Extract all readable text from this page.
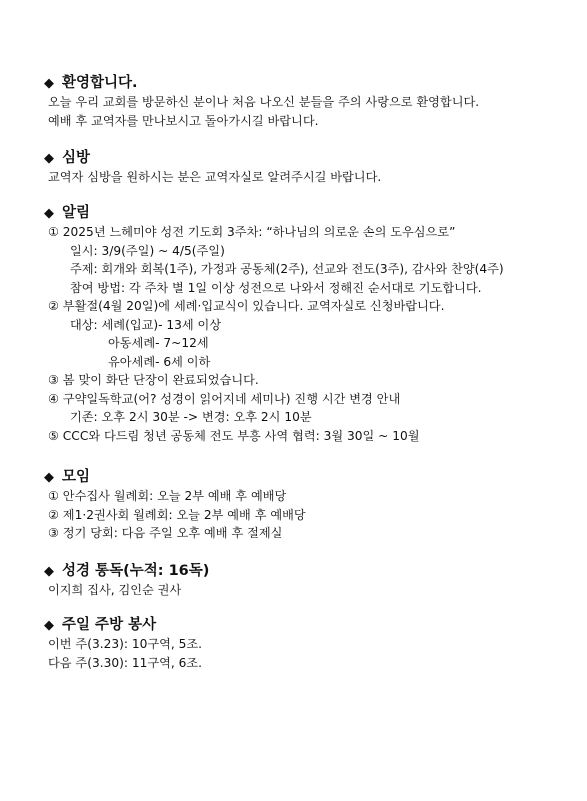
◆ 환영합니다.
오늘 우리 교회를 방문하신 분이나 처음 나오신 분들을 주의 사랑으로 환영합니다.
예배 후 교역자를 만나보시고 돌아가시길 바랍니다.
◆ 심방
교역자 심방을 원하시는 분은 교역자실로 알려주시길 바랍니다.
◆ 알림
① 2025년 느헤미야 성전 기도회 3주차: “하나님의 의로운 손의 도우심으로”
일시: 3/9(주일) ~ 4/5(주일)
주제: 회개와 회복(1주), 가정과 공동체(2주), 선교와 전도(3주), 감사와 찬양(4주)
참여 방법: 각 주차 별 1일 이상 성전으로 나와서 정해진 순서대로 기도합니다.
② 부활절(4월 20일)에 세례·입교식이 있습니다. 교역자실로 신청바랍니다.
대상: 세례(입교)- 13세 이상
아동세례- 7~12세
유아세례- 6세 이하
③ 봄 맞이 화단 단장이 완료되었습니다.
④ 구약일독학교(어? 성경이 읽어지네 세미나) 진행 시간 변경 안내
기존: 오후 2시 30분 -> 변경: 오후 2시 10분
⑤ CCC와 다드림 청년 공동체 전도 부흥 사역 협력: 3월 30일 ~ 10월
◆ 모임
① 안수집사 월례회: 오늘 2부 예배 후 예배당
② 제1·2권사회 월례회: 오늘 2부 예배 후 예배당
③ 정기 당회: 다음 주일 오후 예배 후 절제실
◆ 성경 통독(누적: 16독)
이지희 집사, 김인순 권사
◆ 주일 주방 봉사
이번 주(3.23): 10구역, 5조.
다음 주(3.30): 11구역, 6조.
